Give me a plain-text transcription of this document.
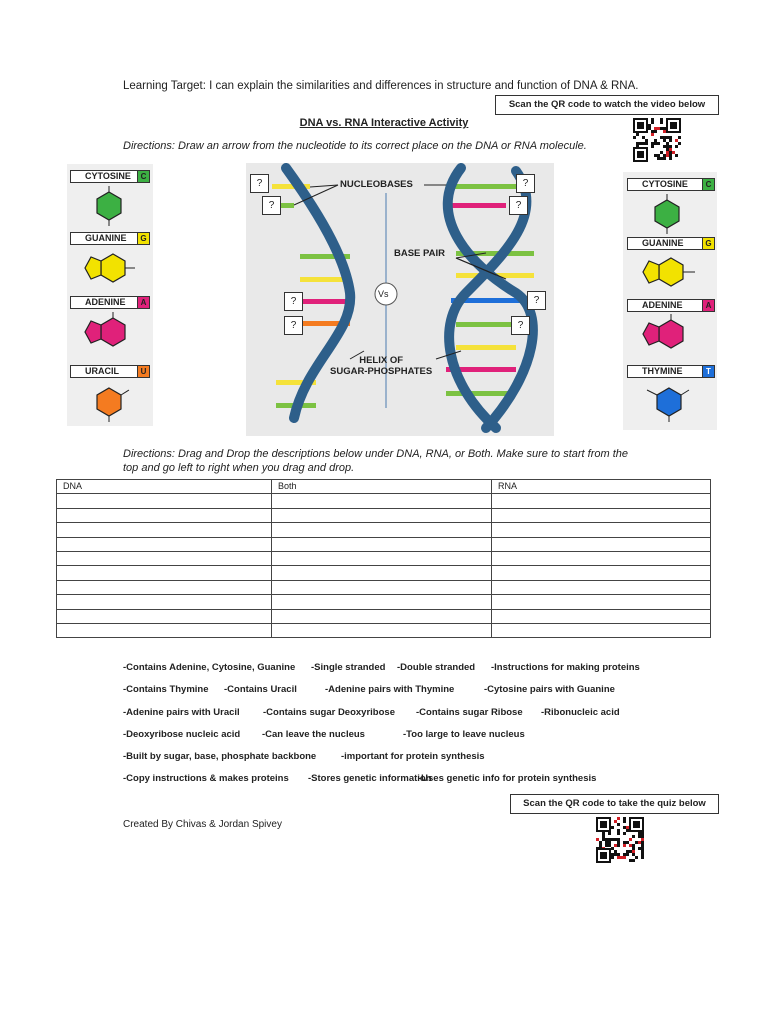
Learning Target: I can explain the similarities and differences in structure and function of DNA & RNA.
Scan the QR code to watch the video below
DNA vs. RNA Interactive Activity
Directions: Draw an arrow from the nucleotide to its correct place on the DNA or RNA molecule.
CYTOSINE	C
GUANINE	G
ADENINE	A
URACIL	U
NUCLEOBASES
BASE PAIR
HELIX OF
SUGAR-PHOSPHATES
Vs
?
?
?
?
?
?
?
?
CYTOSINE	C
GUANINE	G
ADENINE	A
THYMINE	T
Directions: Drag and Drop the descriptions below under DNA, RNA, or Both. Make sure to start from the
top and go left to right when you drag and drop.
DNA	Both	RNA

-Contains Adenine, Cytosine, Guanine -Single stranded -Double stranded -Instructions for making proteins
-Contains Thymine -Contains Uracil	-Adenine pairs with Thymine	-Cytosine pairs with Guanine
-Adenine pairs with Uracil -Contains sugar Deoxyribose -Contains sugar Ribose -Ribonucleic acid
-Deoxyribose nucleic acid -Can leave the nucleus	-Too large to leave nucleus
-Built by sugar, base, phosphate backbone	-important for protein synthesis
-Copy instructions & makes proteins -Stores genetic information
-Uses genetic info for protein synthesis
Scan the QR code to take the quiz below
Created By Chivas & Jordan Spivey
